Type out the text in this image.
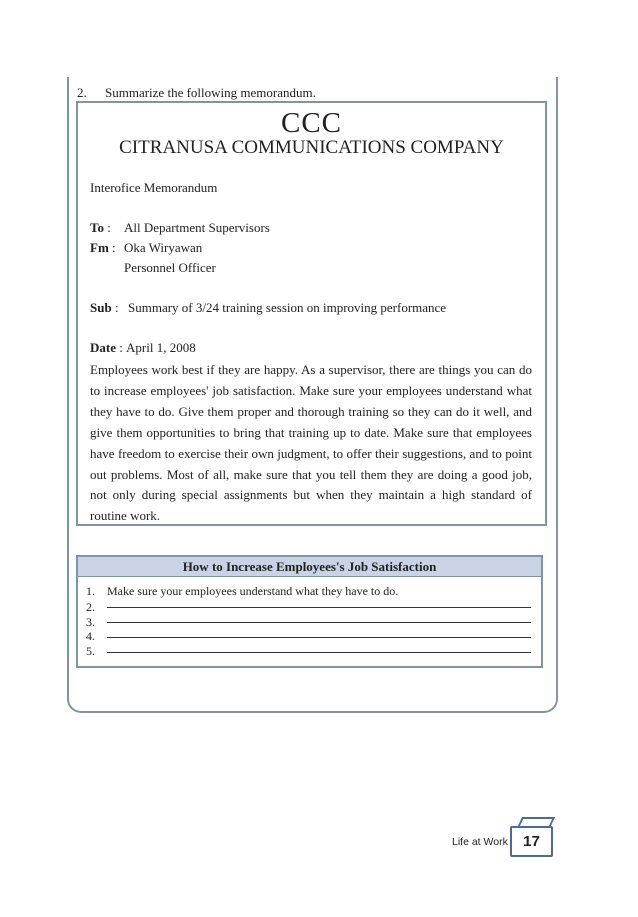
2. Summarize the following memorandum.
CCC
CITRANUSA COMMUNICATIONS COMPANY
Interofice Memorandum
To : All Department Supervisors
Fm : Oka Wiryawan
Personnel Officer
Sub : Summary of 3/24 training session on improving performance
Date : April 1, 2008
Employees work best if they are happy. As a supervisor, there are things you can do to increase employees' job satisfaction. Make sure your employees understand what they have to do. Give them proper and thorough training so they can do it well, and give them opportunities to bring that training up to date. Make sure that employees have freedom to exercise their own judgment, to offer their suggestions, and to point out problems. Most of all, make sure that you tell them they are doing a good job, not only during special assignments but when they maintain a high standard of routine work.
How to Increase Employees's Job Satisfaction
1. Make sure your employees understand what they have to do.
2.
3.
4.
5.
Life at Work	17
